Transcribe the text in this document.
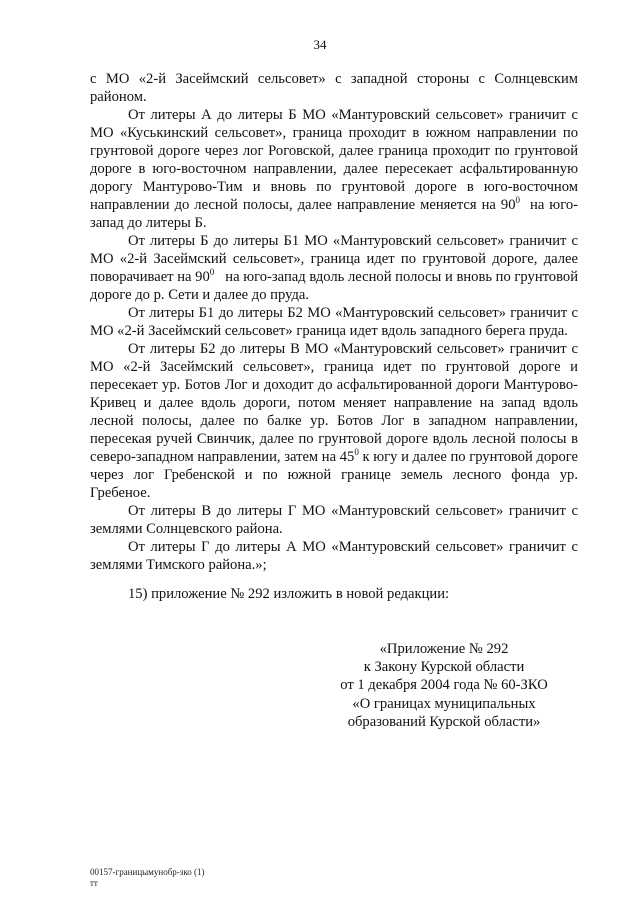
34

с МО «2-й Засеймский сельсовет» с западной стороны с Солнцевским районом.

От литеры А до литеры Б МО «Мантуровский сельсовет» граничит с МО «Куськинский сельсовет», граница проходит в южном направлении по грунтовой дороге через лог Роговской, далее граница проходит по грунтовой дороге в юго-восточном направлении, далее пересекает асфальтированную дорогу Мантурово-Тим и вновь по грунтовой дороге в юго-восточном направлении до лесной полосы, далее направление меняется на $90^0$ на юго-запад до литеры Б.

От литеры Б до литеры Б1 МО «Мантуровский сельсовет» граничит с МО «2-й Засеймский сельсовет», граница идет по грунтовой дороге, далее поворачивает на $90^0$ на юго-запад вдоль лесной полосы и вновь по грунтовой дороге до р. Сети и далее до пруда.

От литеры Б1 до литеры Б2 МО «Мантуровский сельсовет» граничит с МО «2-й Засеймский сельсовет» граница идет вдоль западного берега пруда.

От литеры Б2 до литеры В МО «Мантуровский сельсовет» граничит с МО «2-й Засеймский сельсовет», граница идет по грунтовой дороге и пересекает ур. Ботов Лог и доходит до асфальтированной дороги Мантурово-Кривец и далее вдоль дороги, потом меняет направление на запад вдоль лесной полосы, далее по балке ур. Ботов Лог в западном направлении, пересекая ручей Свинчик, далее по грунтовой дороге вдоль лесной полосы в северо-западном направлении, затем на $45^0$ к югу и далее по грунтовой дороге через лог Гребенской и по южной границе земель лесного фонда ур. Гребеное.

От литеры В до литеры Г МО «Мантуровский сельсовет» граничит с землями Солнцевского района.

От литеры Г до литеры А МО «Мантуровский сельсовет» граничит с землями Тимского района.»;

15) приложение № 292 изложить в новой редакции:

«Приложение № 292
к Закону Курской области
от 1 декабря 2004 года № 60-ЗКО
«О границах муниципальных
образований Курской области»
00157-границымунобр-зко (1)
тт
